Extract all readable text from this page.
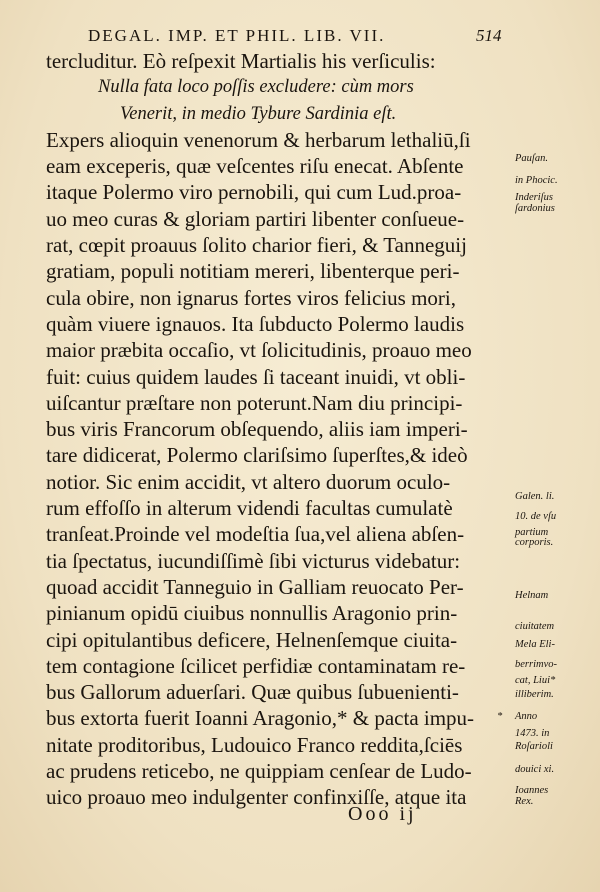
DEGAL. IMP. ET PHIL. LIB. VII.	514
tercluditur. Eò reſpexit Martialis his verſiculis:
Nulla fata loco poſſis excludere: cùm mors
Venerit, in medio Tybure Sardinia eſt.
Expers alioquin venenorum & herbarum lethaliū,ſi
eam exceperis, quæ veſcentes riſu enecat. Abſente
itaque Polermo viro pernobili, qui cum Lud.proa-
uo meo curas & gloriam partiri libenter conſueue-
rat, cœpit proauus ſolito charior fieri, & Tanneguij
gratiam, populi notitiam mereri, libenterque peri-
cula obire, non ignarus fortes viros felicius mori,
quàm viuere ignauos. Ita ſubducto Polermo laudis
maior præbita occaſio, vt ſolicitudinis, proauo meo
fuit: cuius quidem laudes ſi taceant inuidi, vt obli-
uiſcantur præſtare non poterunt.Nam diu principi-
bus viris Francorum obſequendo, aliis iam imperi-
tare didicerat, Polermo clariſsimo ſuperſtes,& ideò
notior. Sic enim accidit, vt altero duorum oculo-
rum effoſſo in alterum videndi facultas cumulatè
tranſeat.Proinde vel modeſtia ſua,vel aliena abſen-
tia ſpectatus, iucundiſſimè ſibi victurus videbatur:
quoad accidit Tanneguio in Galliam reuocato Per-
pinianum opidū ciuibus nonnullis Aragonio prin-
cipi opitulantibus deficere, Helnenſemque ciuita-
tem contagione ſcilicet perfidiæ contaminatam re-
bus Gallorum aduerſari. Quæ quibus ſubuenienti-
bus extorta fuerit Ioanni Aragonio,* & pacta impu-
nitate proditoribus, Ludouico Franco reddita,ſciēs
ac prudens reticebo, ne quippiam cenſear de Ludo-
uico proauo meo indulgenter confinxiſſe, atque ita
Pauſan.
in Phocic.
Inderiſus
ſardonius
Galen. li.
10. de vſu
partium
corporis.
Helnam
ciuitatem
Mela Eli-
berrimvo-
cat, Liui*
illiberim.
* Anno
1473. in
Roſarioli
douici xi.
Ioannes
Rex.
Ooo ij
